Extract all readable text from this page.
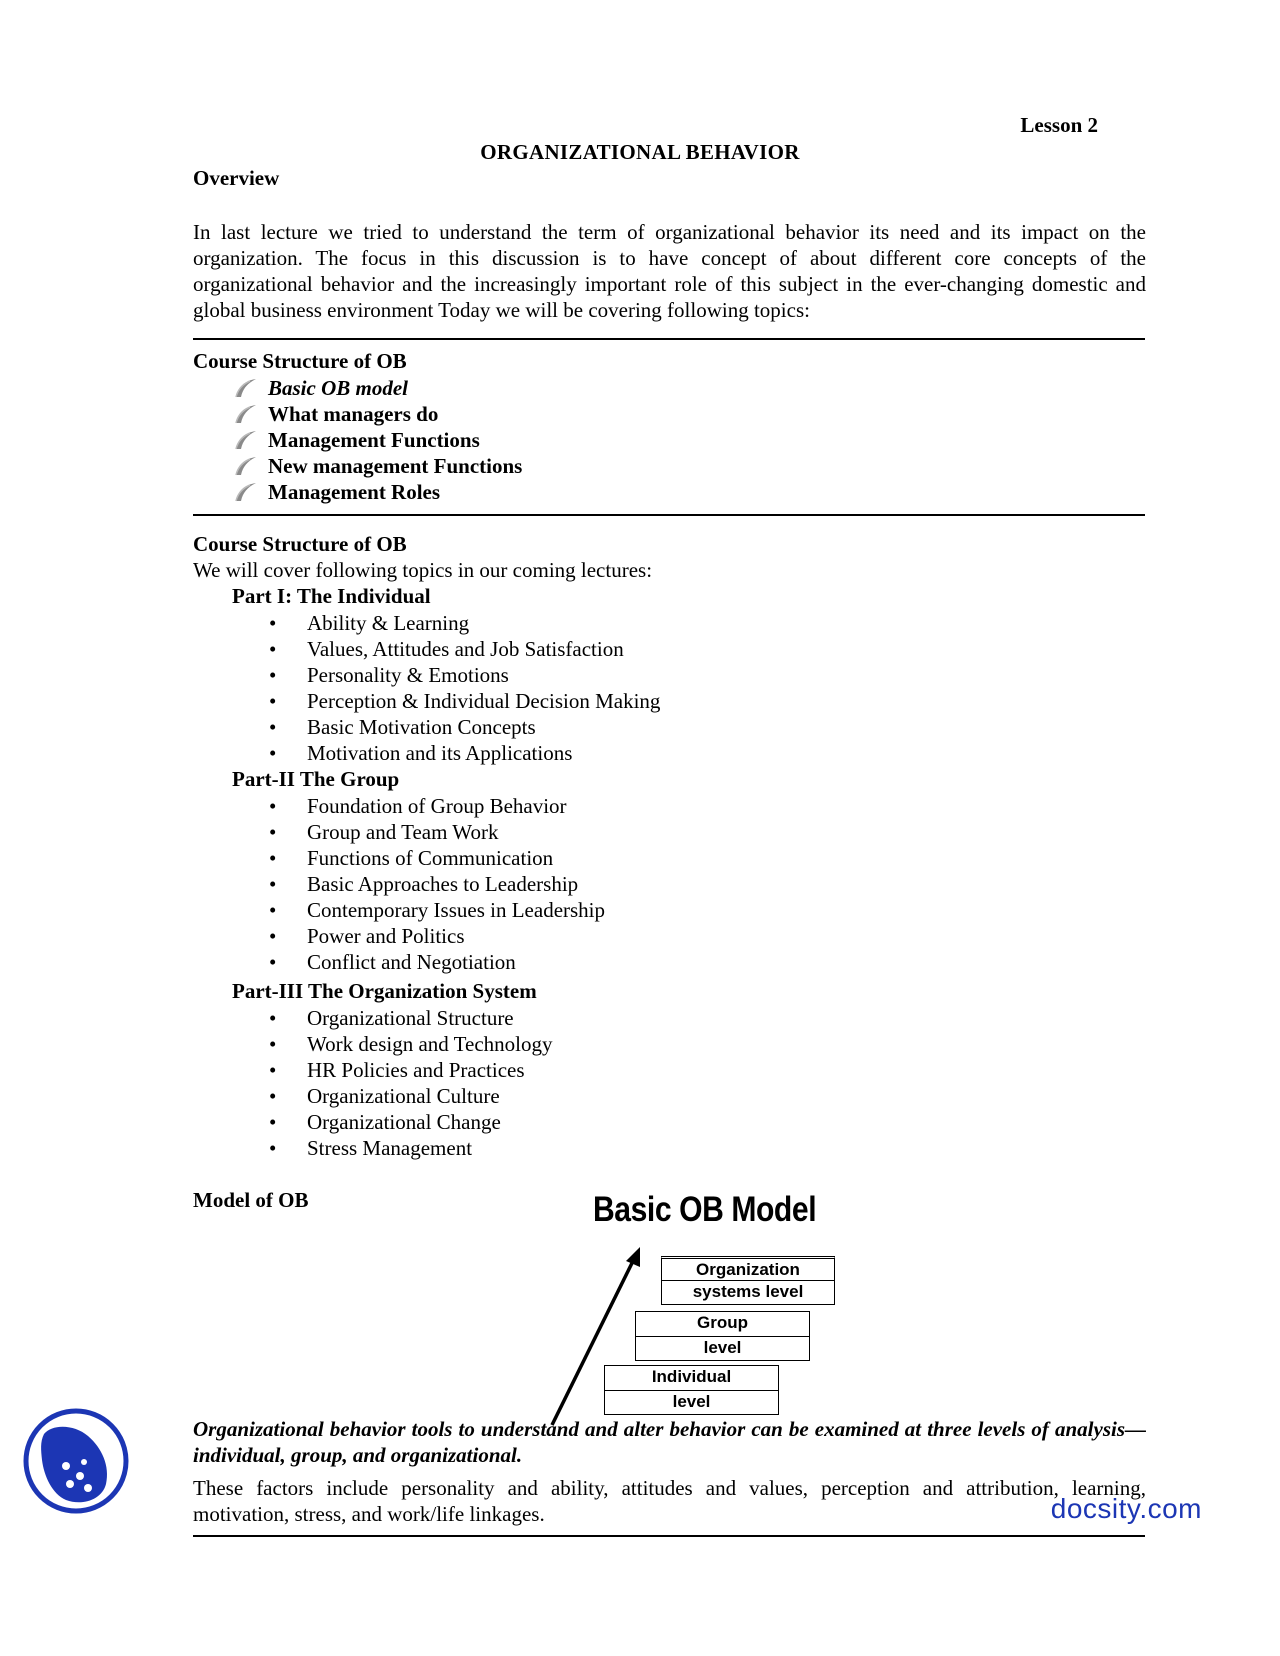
Lesson 2
ORGANIZATIONAL BEHAVIOR
Overview
In last lecture we tried to understand the term of organizational behavior its need and its impact on the organization. The focus in this discussion is to have concept of about different core concepts of the organizational behavior and the increasingly important role of this subject in the ever-changing domestic and global business environment Today we will be covering following topics:
Course Structure of OB
Basic OB model
What managers do
Management Functions
New management Functions
Management Roles
Course Structure of OB
We will cover following topics in our coming lectures:
Part I: The Individual
•	Ability & Learning
•	Values, Attitudes and Job Satisfaction
•	Personality & Emotions
•	Perception & Individual Decision Making
•	Basic Motivation Concepts
•	Motivation and its Applications
Part-II The Group
•	Foundation of Group Behavior
•	Group and Team Work
•	Functions of Communication
•	Basic Approaches to Leadership
•	Contemporary Issues in Leadership
•	Power and Politics
•	Conflict and Negotiation
Part-III The Organization System
•	Organizational Structure
•	Work design and Technology
•	HR Policies and Practices
•	Organizational Culture
•	Organizational Change
•	Stress Management
Model of OB	Basic OB Model
Organization
systems level
Group
level
Individual
level
Organizational behavior tools to understand and alter behavior can be examined at three levels of analysis—individual, group, and organizational.
These factors include personality and ability, attitudes and values, perception and attribution, learning, motivation, stress, and work/life linkages.	docsity.com
